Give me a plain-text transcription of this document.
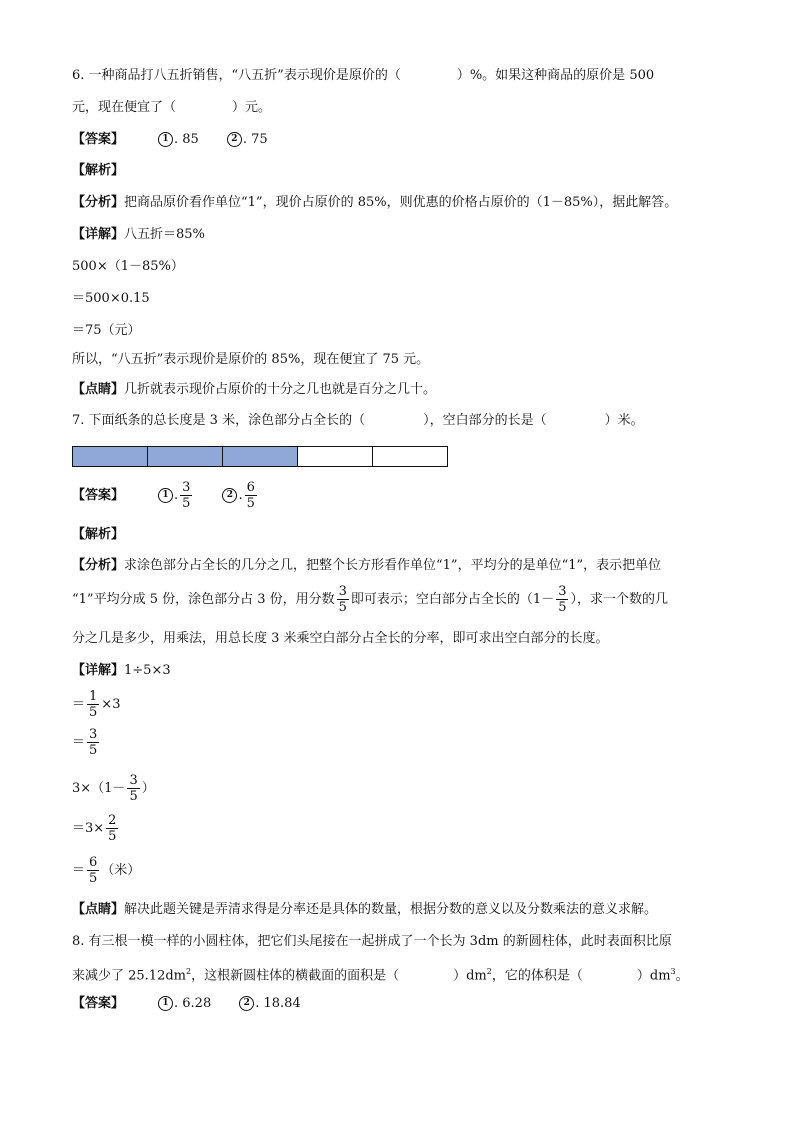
6. 一种商品打八五折销售，“八五折”表示现价是原价的（	）%。如果这种商品的原价是 500
元，现在便宜了（	）元。
【答案】	1 . 85	2 . 75
【解析】
【分析】把商品原价看作单位“1”，现价占原价的 85%，则优惠的价格占原价的（1－85%），据此解答。
【详解】八五折＝85%
500×（1－85%）
＝500×0.15
＝75（元）
所以，“八五折”表示现价是原价的 85%，现在便宜了 75 元。
【点睛】几折就表示现价占原价的十分之几也就是百分之几十。
7. 下面纸条的总长度是 3 米，涂色部分占全长的（	），空白部分的长是（	）米。
【答案】	1 . $\frac{3}{5}$	2 . $\frac{6}{5}$
【解析】
【分析】求涂色部分占全长的几分之几，把整个长方形看作单位“1”，平均分的是单位“1”，表示把单位
“1”平均分成 5 份，涂色部分占 3 份，用分数 $\frac{3}{5}$ 即可表示；空白部分占全长的（$1- \frac{3}{5}$ ），求一个数的几
分之几是多少，用乘法，用总长度 3 米乘空白部分占全长的分率，即可求出空白部分的长度。
【详解】1÷5×3
＝ $\frac{1}{5} \times 3$
＝ $\frac{3}{5}$
$3\times(1- \frac{3}{5}$ ）
$=3\times \frac{2}{5}$
＝ $\frac{6}{5}$ （米）
【点睛】解决此题关键是弄清求得是分率还是具体的数量，根据分数的意义以及分数乘法的意义求解。
8. 有三根一模一样的小圆柱体，把它们头尾接在一起拼成了一个长为 3dm 的新圆柱体，此时表面积比原
来减少了 $25.12dm^2$，这根新圆柱体的横截面的面积是（	）$dm^2$，它的体积是（	）$dm^3$。
【答案】	1 . 6.28	2 . 18.84
